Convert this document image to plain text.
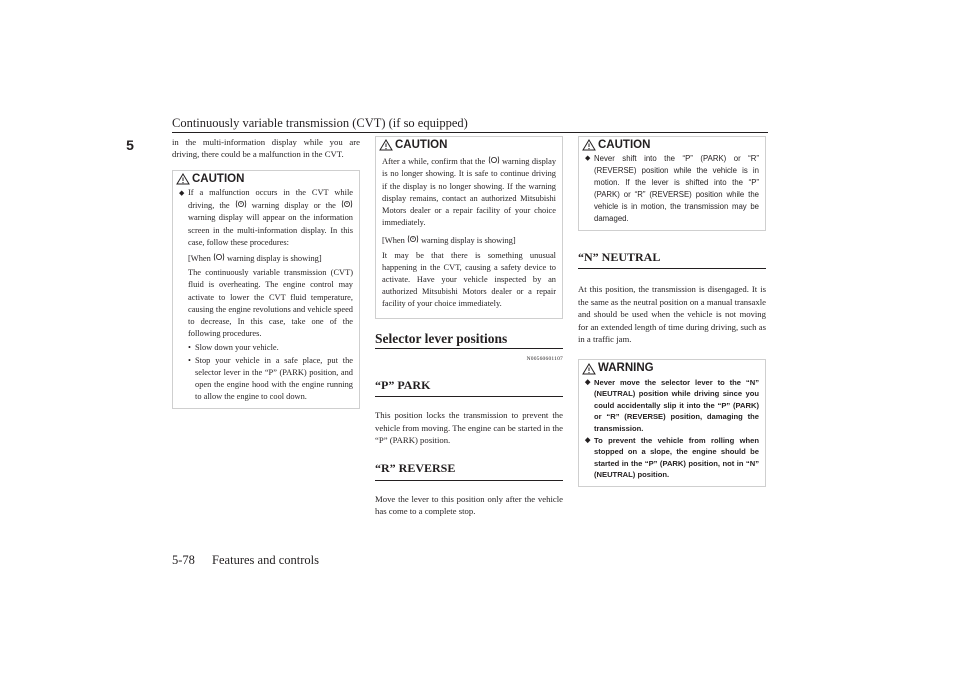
Continuously variable transmission (CVT) (if so equipped)
5	in the multi-information display while you are driving, there could be a malfunction in the CVT.

CAUTION
◆ If a malfunction occurs in the CVT while driving, the	warning display or the  warning display will appear on the information screen in the multi-information display. In this case, follow these procedures:
[When warning display is showing]
The continuously variable transmission (CVT) fluid is overheating. The engine control may activate to lower the CVT fluid temperature, causing the engine revolutions and vehicle speed to decrease, In this case, take one of the following procedures.
• Slow down your vehicle.
• Stop your vehicle in a safe place, put the selector lever in the “P” (PARK) position, and open the engine hood with the engine running to allow the engine to cool down.
CAUTION
After a while, confirm that the warning display is no longer showing. It is safe to continue driving if the display is no longer showing. If the warning display remains, contact an authorized Mitsubishi Motors dealer or a repair facility of your choice immediately.
[When warning display is showing]
It may be that there is something unusual happening in the CVT, causing a safety device to activate. Have your vehicle inspected by an authorized Mitsubishi Motors dealer or a repair facility of your choice immediately.
Selector lever positions
N00560601107
“P” PARK

This position locks the transmission to prevent the vehicle from moving. The engine can be started in the “P” (PARK) position.

“R” REVERSE

Move the lever to this position only after the vehicle has come to a complete stop.

CAUTION
◆ Never shift into the “P” (PARK) or “R” (REVERSE) position while the vehicle is in motion. If the lever is shifted into the “P” (PARK) or “R” (REVERSE) position while the vehicle is in motion, the transmission may be damaged.
“N” NEUTRAL

At this position, the transmission is disengaged. It is the same as the neutral position on a manual transaxle and should be used when the vehicle is not moving for an extended length of time during driving, such as in a traffic jam.

WARNING
◆ Never move the selector lever to the “N” (NEUTRAL) position while driving since you could accidentally slip it into the “P” (PARK) or “R” (REVERSE) position, damaging the transmission.
◆ To prevent the vehicle from rolling when stopped on a slope, the engine should be started in the “P” (PARK) position, not in “N” (NEUTRAL) position.
5-78 Features and controls
